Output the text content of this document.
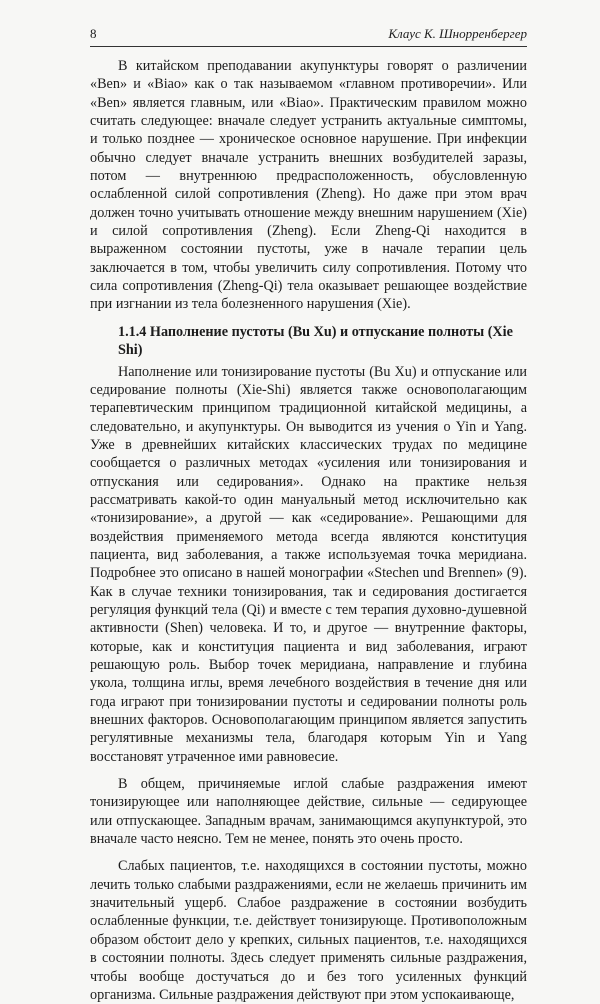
8	Клаус К. Шнорренбергер

В китайском преподавании акупунктуры говорят о различении «Ben» и «Biao» как о так называемом «главном противоречии». Или «Ben» является главным, или «Biao». Практическим правилом можно считать следующее: вначале следует устранить актуальные симптомы, и только позднее — хроническое основное нарушение. При инфекции обычно следует вначале устранить внешних возбудителей заразы, потом — внутреннюю предрасположенность, обусловленную ослабленной силой сопротивления (Zheng). Но даже при этом врач должен точно учитывать отношение между внешним нарушением (Xie) и силой сопротивления (Zheng). Если Zheng-Qi находится в выраженном состоянии пустоты, уже в начале терапии цель заключается в том, чтобы увеличить силу сопротивления. Потому что сила сопротивления (Zheng-Qi) тела оказывает решающее воздействие при изгнании из тела болезненного нарушения (Xie).

1.1.4 Наполнение пустоты (Bu Xu) и отпускание полноты (Xie Shi)

Наполнение или тонизирование пустоты (Bu Xu) и отпускание или седирование полноты (Xie-Shi) является также основополагающим терапевтическим принципом традиционной китайской медицины, а следовательно, и акупунктуры. Он выводится из учения о Yin и Yang. Уже в древнейших китайских классических трудах по медицине сообщается о различных методах «усиления или тонизирования и отпускания или седирования». Однако на практике нельзя рассматривать какой-то один мануальный метод исключительно как «тонизирование», а другой — как «седирование». Решающими для воздействия применяемого метода всегда являются конституция пациента, вид заболевания, а также используемая точка меридиана. Подробнее это описано в нашей монографии «Stechen und Brennen» (9). Как в случае техники тонизирования, так и седирования достигается регуляция функций тела (Qi) и вместе с тем терапия духовно-душевной активности (Shen) человека. И то, и другое — внутренние факторы, которые, как и конституция пациента и вид заболевания, играют решающую роль. Выбор точек меридиана, направление и глубина укола, толщина иглы, время лечебного воздействия в течение дня или года играют при тонизировании пустоты и седировании полноты роль внешних факторов. Основополагающим принципом является запустить регулятивные механизмы тела, благодаря которым Yin и Yang восстановят утраченное ими равновесие.

В общем, причиняемые иглой слабые раздражения имеют тонизирующее или наполняющее действие, сильные — седирующее или отпускающее. Западным врачам, занимающимся акупунктурой, это вначале часто неясно. Тем не менее, понять это очень просто.

Слабых пациентов, т.е. находящихся в состоянии пустоты, можно лечить только слабыми раздражениями, если не желаешь причинить им значительный ущерб. Слабое раздражение в состоянии возбудить ослабленные функции, т.е. действует тонизирующе. Противоположным образом обстоит дело у крепких, сильных пациентов, т.е. находящихся в состоянии полноты. Здесь следует применять сильные раздражения, чтобы вообще достучаться до и без того усиленных функций организма. Сильные раздражения действуют при этом успокаивающе,
